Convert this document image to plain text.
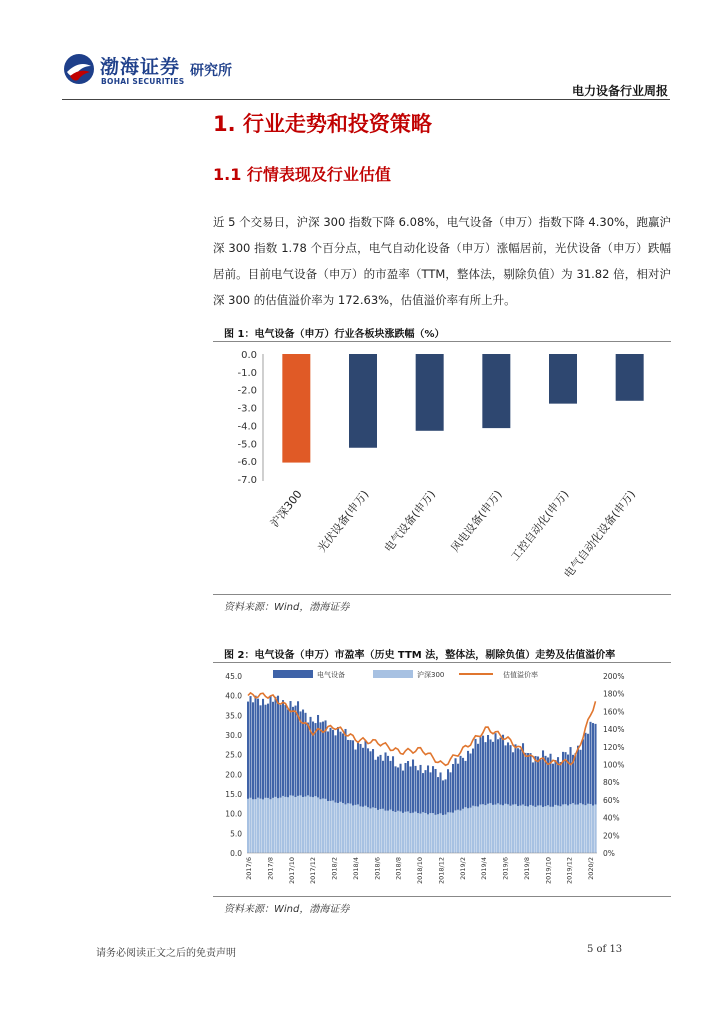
渤海证券
BOHAI SECURITIES
研究所
电力设备行业周报
1. 行业走势和投资策略
1.1 行情表现及行业估值
近 5 个交易日，沪深 300 指数下降 6.08%，电气设备（申万）指数下降 4.30%，跑赢沪深 300 指数 1.78 个百分点，电气自动化设备（申万）涨幅居前，光伏设备（申万）跌幅居前。目前电气设备（申万）的市盈率（TTM，整体法，剔除负值）为 31.82 倍，相对沪深 300 的估值溢价率为 172.63%，估值溢价率有所上升。
图 1：电气设备（申万）行业各板块涨跌幅（%）
0.0
-1.0
-2.0
-3.0
-4.0
-5.0
-6.0
-7.0
沪深300 光伏设备(申万) 电气设备(申万) 风电设备(申万) 工控自动化(申万)
电气自动化设备(申万)
资料来源：Wind，渤海证券
图 2：电气设备（申万）市盈率（历史 TTM 法，整体法，剔除负值）走势及估值溢价率
0.0
5.0
10.0
15.0
20.0
25.0
30.0
35.0
40.0
45.0
0%
20%
40%
60%
80%
100%
120%
140%
160%
180%
200%
2017/6 2017/8 2017/10 2017/12 2018/2 2018/4 2018/6 2018/8 2018/10 2018/12 2019/2 2019/4 2019/6 2019/8 2019/10 2019/12 2020/2
电气设备	沪深300	估值溢价率
资料来源：Wind，渤海证券
请务必阅读正文之后的免责声明	5 of 13
